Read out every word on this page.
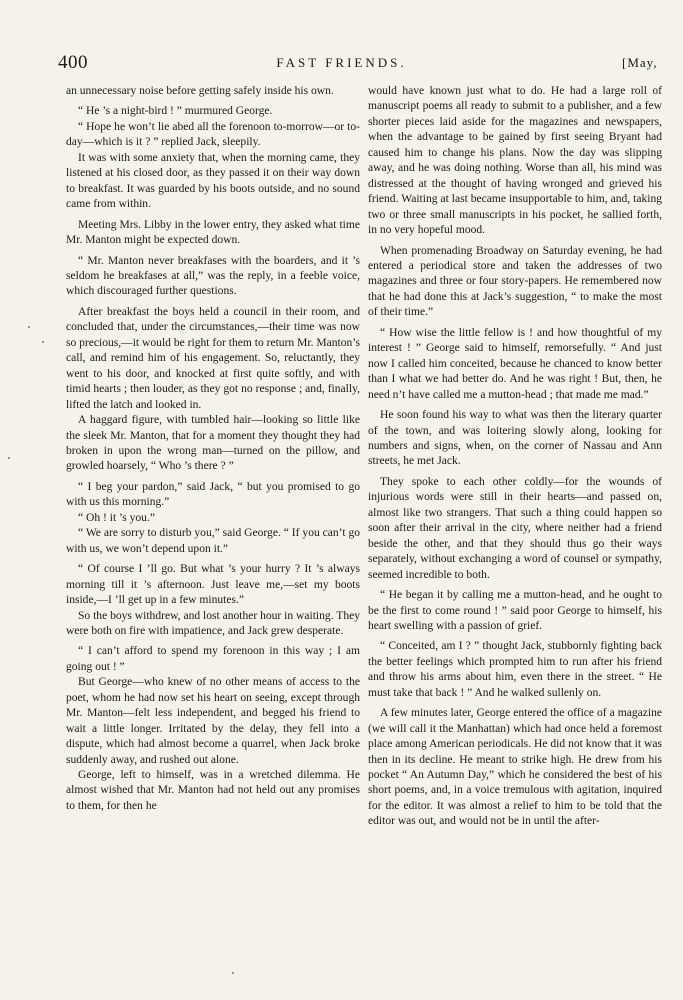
400	FAST FRIENDS.	[May,

an unnecessary noise before getting safely inside his own.

“ He ’s a night-bird ! ” murmured George.

“ Hope he won’t lie abed all the forenoon to-morrow—or to-day—which is it ? ” replied Jack, sleepily.

It was with some anxiety that, when the morning came, they listened at his closed door, as they passed it on their way down to breakfast. It was guarded by his boots outside, and no sound came from within.

Meeting Mrs. Libby in the lower entry, they asked what time Mr. Manton might be expected down.

“ Mr. Manton never breakfases with the boarders, and it ’s seldom he breakfases at all,” was the reply, in a feeble voice, which discouraged further questions.

After breakfast the boys held a council in their room, and concluded that, under the circumstances,—their time was now so precious,—it would be right for them to return Mr. Manton’s call, and remind him of his engagement. So, reluctantly, they went to his door, and knocked at first quite softly, and with timid hearts ; then louder, as they got no response ; and, finally, lifted the latch and looked in.

A haggard figure, with tumbled hair—looking so little like the sleek Mr. Manton, that for a moment they thought they had broken in upon the wrong man—turned on the pillow, and growled hoarsely, “ Who ’s there ? ”

“ I beg your pardon,” said Jack, “ but you promised to go with us this morning.”

“ Oh ! it ’s you.”

“ We are sorry to disturb you,” said George. “ If you can’t go with us, we won’t depend upon it.”

“ Of course I ’ll go. But what ’s your hurry ? It ’s always morning till it ’s afternoon. Just leave me,—set my boots inside,—I ’ll get up in a few minutes.”

So the boys withdrew, and lost another hour in waiting. They were both on fire with impatience, and Jack grew desperate.

“ I can’t afford to spend my forenoon in this way ; I am going out ! ”

But George—who knew of no other means of access to the poet, whom he had now set his heart on seeing, except through Mr. Manton—felt less independent, and begged his friend to wait a little longer. Irritated by the delay, they fell into a dispute, which had almost become a quarrel, when Jack broke suddenly away, and rushed out alone.

George, left to himself, was in a wretched dilemma. He almost wished that Mr. Manton had not held out any promises to them, for then he

would have known just what to do. He had a large roll of manuscript poems all ready to submit to a publisher, and a few shorter pieces laid aside for the magazines and newspapers, when the advantage to be gained by first seeing Bryant had caused him to change his plans. Now the day was slipping away, and he was doing nothing. Worse than all, his mind was distressed at the thought of having wronged and grieved his friend. Waiting at last became insupportable to him, and, taking two or three small manuscripts in his pocket, he sallied forth, in no very hopeful mood.

When promenading Broadway on Saturday evening, he had entered a periodical store and taken the addresses of two magazines and three or four story-papers. He remembered now that he had done this at Jack’s suggestion, “ to make the most of their time.”

“ How wise the little fellow is ! and how thoughtful of my interest ! ” George said to himself, remorsefully. “ And just now I called him conceited, because he chanced to know better than I what we had better do. And he was right ! But, then, he need n’t have called me a mutton-head ; that made me mad.”

He soon found his way to what was then the literary quarter of the town, and was loitering slowly along, looking for numbers and signs, when, on the corner of Nassau and Ann streets, he met Jack.

They spoke to each other coldly—for the wounds of injurious words were still in their hearts—and passed on, almost like two strangers. That such a thing could happen so soon after their arrival in the city, where neither had a friend beside the other, and that they should thus go their ways separately, without exchanging a word of counsel or sympathy, seemed incredible to both.

“ He began it by calling me a mutton-head, and he ought to be the first to come round ! ” said poor George to himself, his heart swelling with a passion of grief.

“ Conceited, am I ? ” thought Jack, stubbornly fighting back the better feelings which prompted him to run after his friend and throw his arms about him, even there in the street. “ He must take that back ! ” And he walked sullenly on.

A few minutes later, George entered the office of a magazine (we will call it the Manhattan) which had once held a foremost place among American periodicals. He did not know that it was then in its decline. He meant to strike high. He drew from his pocket “ An Autumn Day,” which he considered the best of his short poems, and, in a voice tremulous with agitation, inquired for the editor. It was almost a relief to him to be told that the editor was out, and would not be in until the after-
